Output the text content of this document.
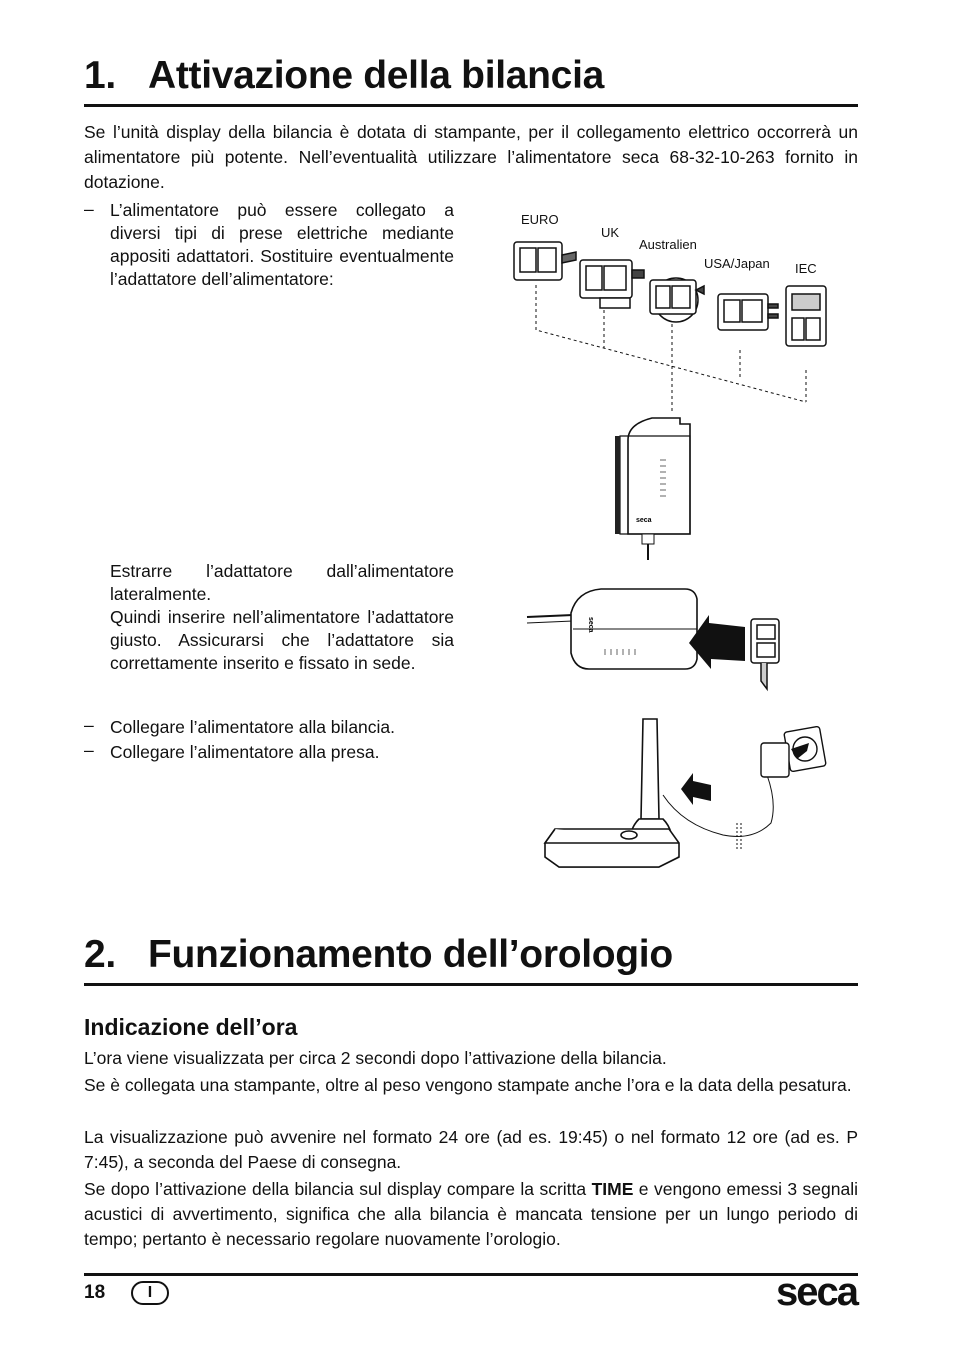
1. Attivazione della bilancia
Se l’unità display della bilancia è dotata di stampante, per il collegamento elettrico occorrerà un alimentatore più potente. Nell’eventualità utilizzare l’alimentatore seca 68-32-10-263 fornito in dotazione.
– L’alimentatore può essere collegato a diversi tipi di prese elettriche mediante appositi adattatori. Sostituire eventualmente l’adattatore dell’alimentatore:
Estrarre l’adattatore dall’alimentatore lateralmente.
Quindi inserire nell’alimentatore l’adattatore giusto. Assicurarsi che l’adattatore sia correttamente inserito e fissato in sede.
– Collegare l’alimentatore alla bilancia.
– Collegare l’alimentatore alla presa.
EURO
UK
Australien
USA/Japan IEC
seca
seca
2. Funzionamento dell’orologio
Indicazione dell’ora
L’ora viene visualizzata per circa 2 secondi dopo l’attivazione della bilancia.
Se è collegata una stampante, oltre al peso vengono stampate anche l’ora e la data della pesatura.
La visualizzazione può avvenire nel formato 24 ore (ad es. 19:45) o nel formato 12 ore (ad es. P 7:45), a seconda del Paese di consegna.
Se dopo l’attivazione della bilancia sul display compare la scritta TIME e vengono emessi 3 segnali acustici di avvertimento, significa che alla bilancia è mancata tensione per un lungo periodo di tempo; pertanto è necessario regolare nuovamente l’orologio.
18	I	seca
